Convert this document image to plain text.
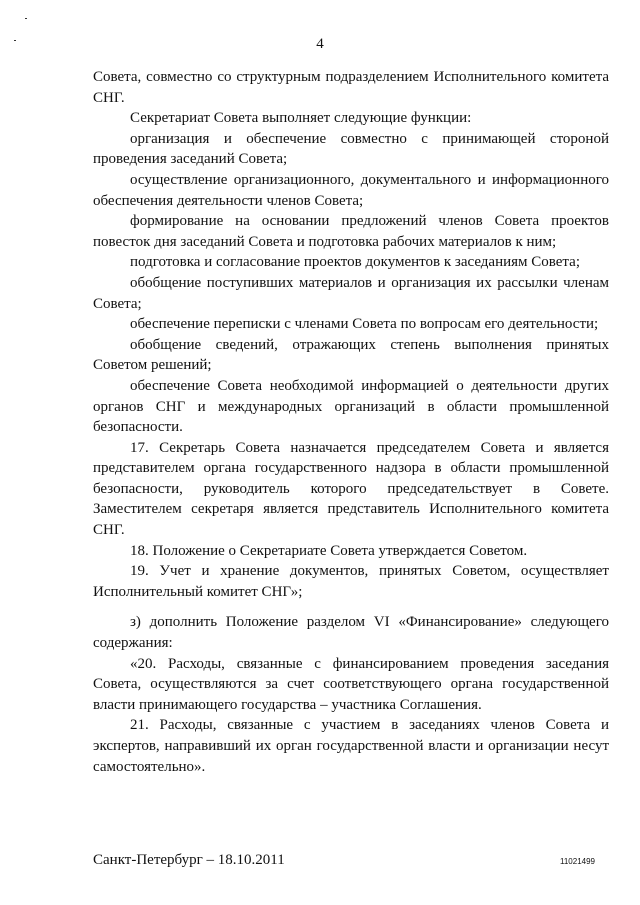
4

Совета, совместно со структурным подразделением Исполнительного комитета СНГ.

Секретариат Совета выполняет следующие функции:

организация и обеспечение совместно с принимающей стороной проведения заседаний Совета;

осуществление организационного, документального и информационного обеспечения деятельности членов Совета;

формирование на основании предложений членов Совета проектов повесток дня заседаний Совета и подготовка рабочих материалов к ним;

подготовка и согласование проектов документов к заседаниям Совета;

обобщение поступивших материалов и организация их рассылки членам Совета;

обеспечение переписки с членами Совета по вопросам его деятельности;

обобщение сведений, отражающих степень выполнения принятых Советом решений;

обеспечение Совета необходимой информацией о деятельности других органов СНГ и международных организаций в области промышленной безопасности.

17. Секретарь Совета назначается председателем Совета и является представителем органа государственного надзора в области промышленной безопасности, руководитель которого председательствует в Совете. Заместителем секретаря является представитель Исполнительного комитета СНГ.

18. Положение о Секретариате Совета утверждается Советом.

19. Учет и хранение документов, принятых Советом, осуществляет Исполнительный комитет СНГ»;

з) дополнить Положение разделом VI «Финансирование» следующего содержания:

«20. Расходы, связанные с финансированием проведения заседания Совета, осуществляются за счет соответствующего органа государственной власти принимающего государства – участника Соглашения.

21. Расходы, связанные с участием в заседаниях членов Совета и экспертов, направивший их орган государственной власти и организации несут самостоятельно».

Санкт-Петербург – 18.10.2011	11021499
